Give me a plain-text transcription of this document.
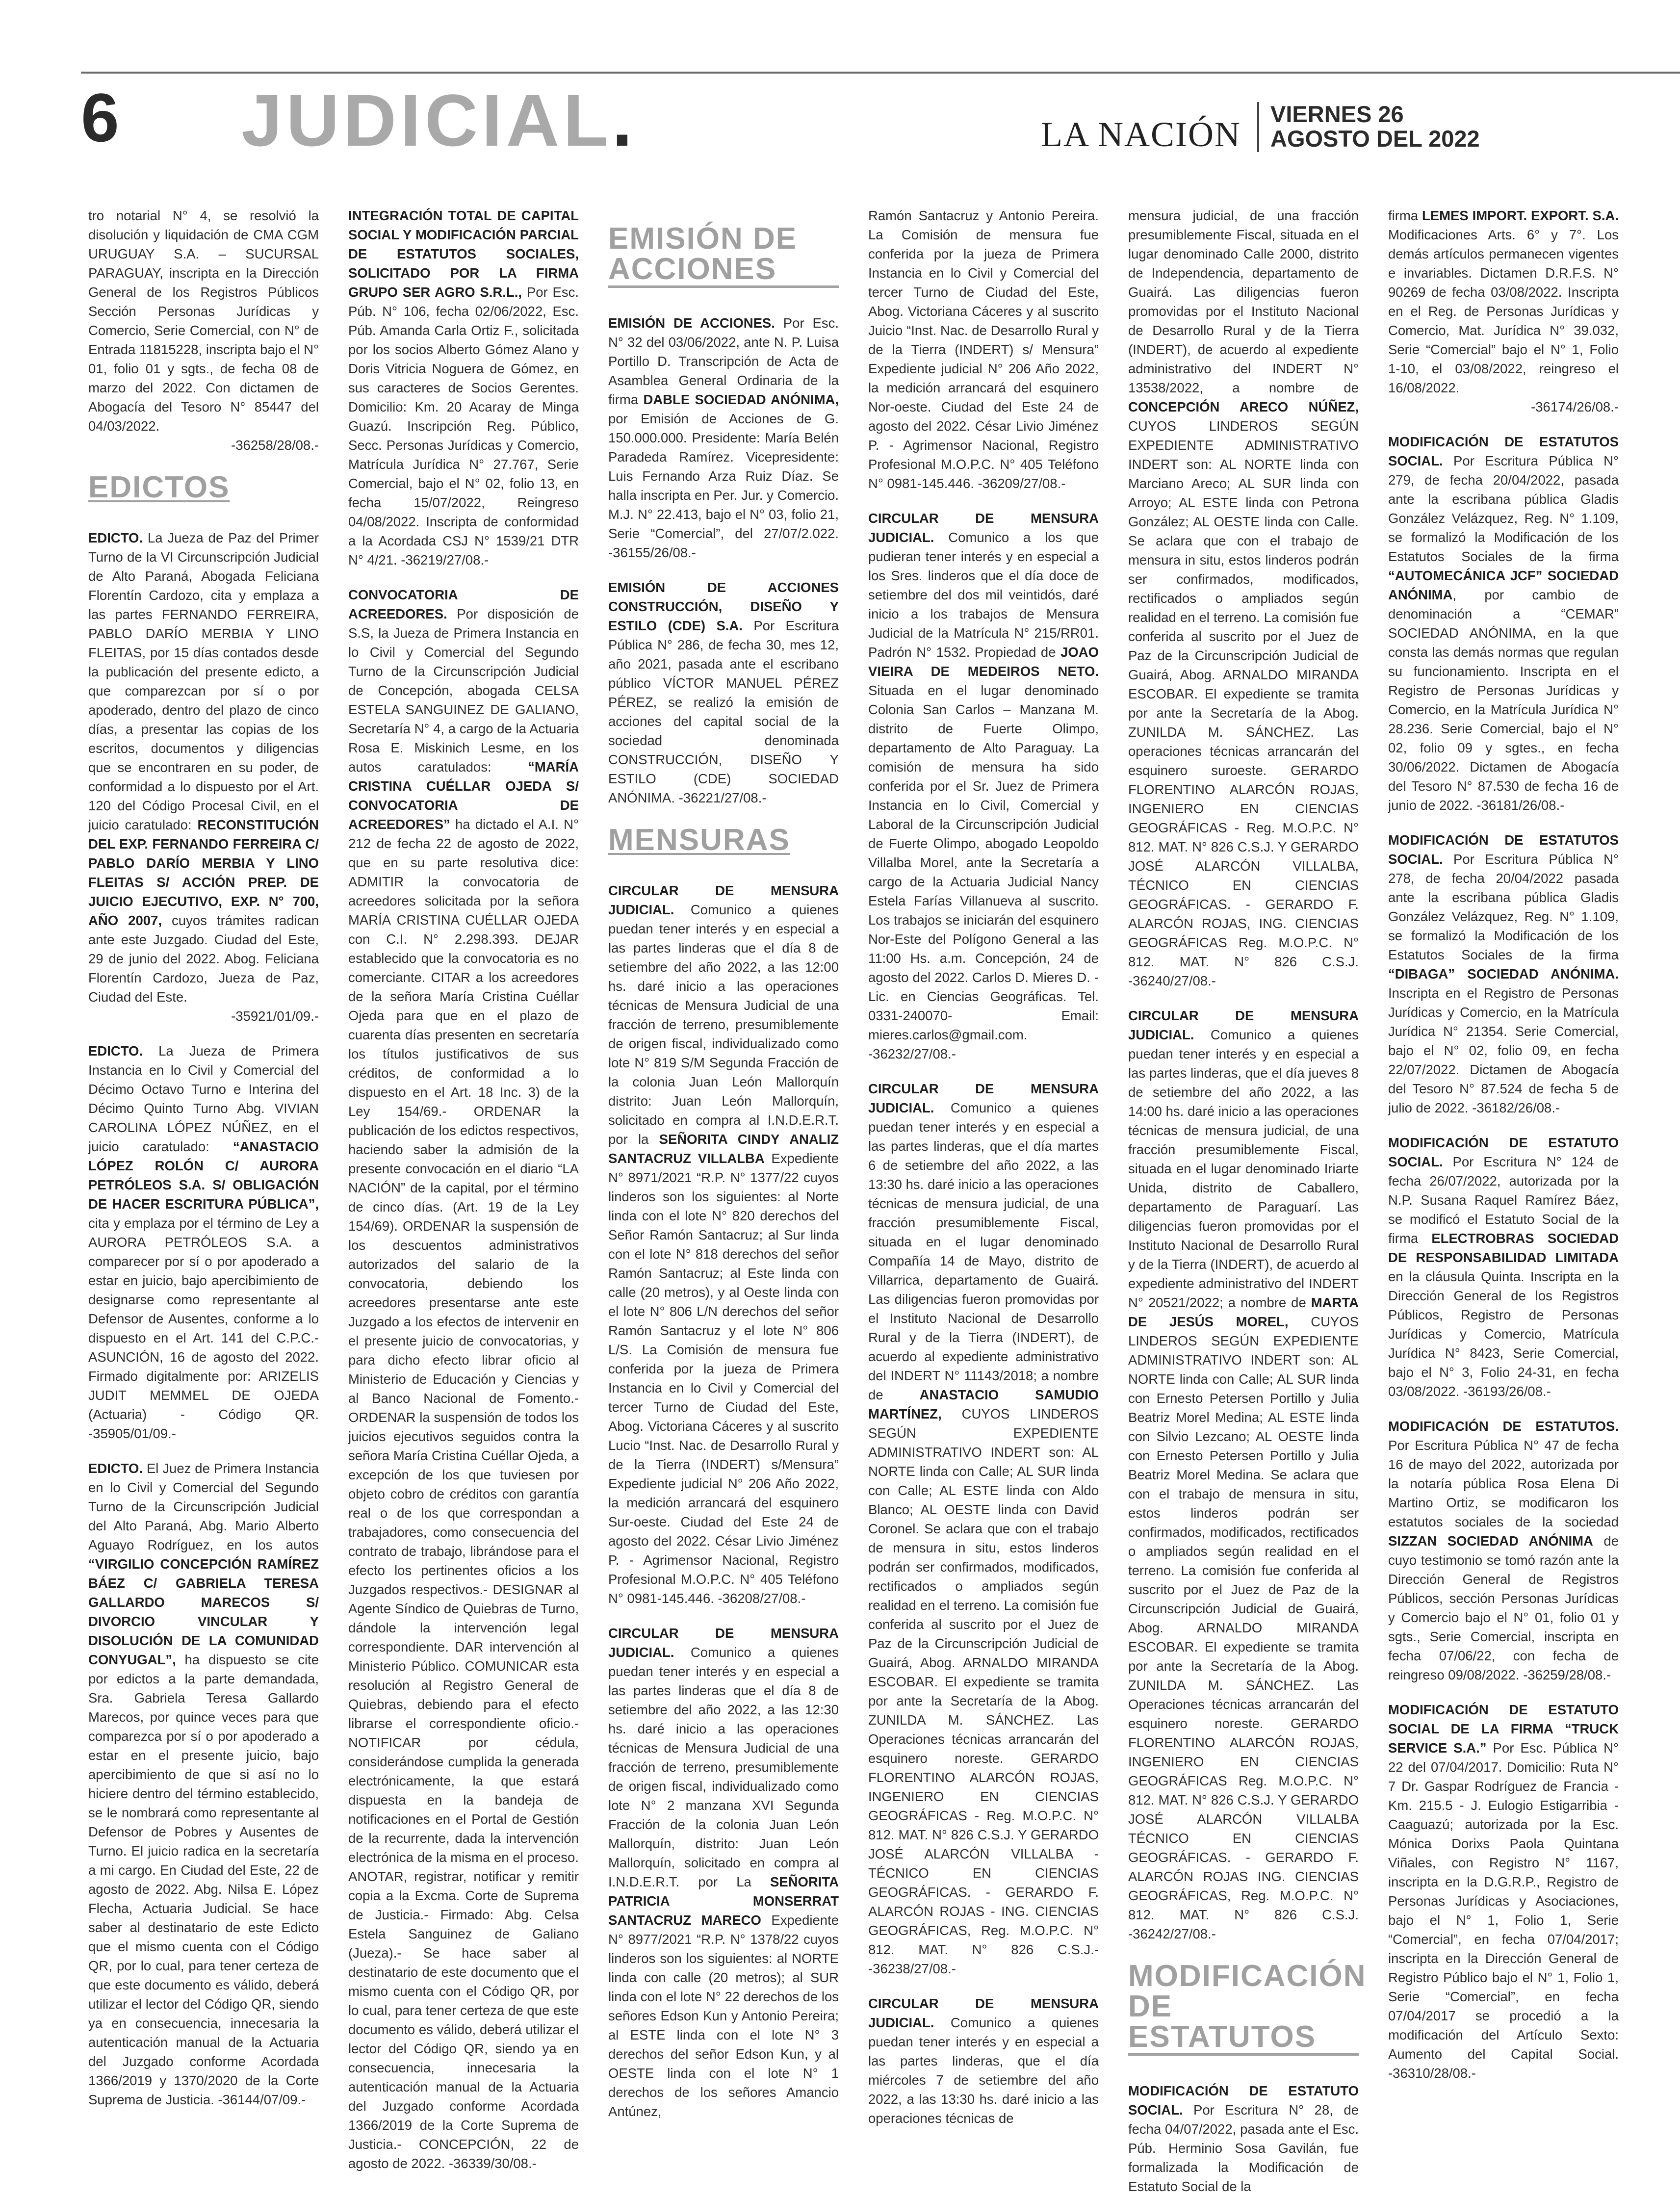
6 JUDICIAL.	LA NACIÓN
VIERNES 26
AGOSTO DEL 2022

tro notarial N° 4, se resolvió la disolución y liquidación de CMA CGM URUGUAY S.A. – SUCURSAL PARAGUAY, inscripta en la Dirección General de los Registros Públicos Sección Personas Jurídicas y Comercio, Serie Comercial, con N° de Entrada 11815228, inscripta bajo el N° 01, folio 01 y sgts., de fecha 08 de marzo del 2022. Con dictamen de Abogacía del Tesoro N° 85447 del 04/03/2022.
-36258/28/08.-

EDICTOS

EDICTO. La Jueza de Paz del Primer Turno de la VI Circunscripción Judicial de Alto Paraná, Abogada Feliciana Florentín Cardozo, cita y emplaza a las partes FERNANDO FERREIRA, PABLO DARÍO MERBIA Y LINO FLEITAS, por 15 días contados desde la publicación del presente edicto, a que comparezcan por sí o por apoderado, dentro del plazo de cinco días, a presentar las copias de los escritos, documentos y diligencias que se encontraren en su poder, de conformidad a lo dispuesto por el Art. 120 del Código Procesal Civil, en el juicio caratulado: RECONSTITUCIÓN DEL EXP. FERNANDO FERREIRA C/ PABLO DARÍO MERBIA Y LINO FLEITAS S/ ACCIÓN PREP. DE JUICIO EJECUTIVO, EXP. N° 700, AÑO 2007, cuyos trámites radican ante este Juzgado. Ciudad del Este, 29 de junio del 2022. Abog. Feliciana Florentín Cardozo, Jueza de Paz, Ciudad del Este.
-35921/01/09.-

EDICTO. La Jueza de Primera Instancia en lo Civil y Comercial del Décimo Octavo Turno e Interina del Décimo Quinto Turno Abg. VIVIAN CAROLINA LÓPEZ NÚÑEZ, en el juicio caratulado: “ANASTACIO LÓPEZ ROLÓN C/ AURORA PETRÓLEOS S.A. S/ OBLIGACIÓN DE HACER ESCRITURA PÚBLICA”, cita y emplaza por el término de Ley a AURORA PETRÓLEOS S.A. a comparecer por sí o por apoderado a estar en juicio, bajo apercibimiento de designarse como representante al Defensor de Ausentes, conforme a lo dispuesto en el Art. 141 del C.P.C.- ASUNCIÓN, 16 de agosto del 2022. Firmado digitalmente por: ARIZELIS JUDIT MEMMEL DE OJEDA (Actuaria) - Código QR. -35905/01/09.-

EDICTO. El Juez de Primera Instancia en lo Civil y Comercial del Segundo Turno de la Circunscripción Judicial del Alto Paraná, Abg. Mario Alberto Aguayo Rodríguez, en los autos “VIRGILIO CONCEPCIÓN RAMÍREZ BÁEZ C/ GABRIELA TERESA GALLARDO MARECOS S/ DIVORCIO VINCULAR Y DISOLUCIÓN DE LA COMUNIDAD CONYUGAL”, ha dispuesto se cite por edictos a la parte demandada, Sra. Gabriela Teresa Gallardo Marecos, por quince veces para que comparezca por sí o por apoderado a estar en el presente juicio, bajo apercibimiento de que si así no lo hiciere dentro del término establecido, se le nombrará como representante al Defensor de Pobres y Ausentes de Turno. El juicio radica en la secretaría a mi cargo. En Ciudad del Este, 22 de agosto de 2022. Abg. Nilsa E. López Flecha, Actuaria Judicial. Se hace saber al destinatario de este Edicto que el mismo cuenta con el Código QR, por lo cual, para tener certeza de que este documento es válido, deberá utilizar el lector del Código QR, siendo ya en consecuencia, innecesaria la autenticación manual de la Actuaria del Juzgado conforme Acordada 1366/2019 y 1370/2020 de la Corte Suprema de Justicia. -36144/07/09.-

INTEGRACIÓN TOTAL DE CAPITAL SOCIAL Y MODIFICACIÓN PARCIAL DE ESTATUTOS SOCIALES, SOLICITADO POR LA FIRMA GRUPO SER AGRO S.R.L., Por Esc. Púb. N° 106, fecha 02/06/2022, Esc. Púb. Amanda Carla Ortiz F., solicitada por los socios Alberto Gómez Alano y Doris Vitricia Noguera de Gómez, en sus caracteres de Socios Gerentes. Domicilio: Km. 20 Acaray de Minga Guazú. Inscripción Reg. Público, Secc. Personas Jurídicas y Comercio, Matrícula Jurídica N° 27.767, Serie Comercial, bajo el N° 02, folio 13, en fecha 15/07/2022, Reingreso 04/08/2022. Inscripta de conformidad a la Acordada CSJ N° 1539/21 DTR N° 4/21. -36219/27/08.-

CONVOCATORIA DE ACREEDORES. Por disposición de S.S, la Jueza de Primera Instancia en lo Civil y Comercial del Segundo Turno de la Circunscripción Judicial de Concepción, abogada CELSA ESTELA SANGUINEZ DE GALIANO, Secretaría N° 4, a cargo de la Actuaria Rosa E. Miskinich Lesme, en los autos caratulados: “MARÍA CRISTINA CUÉLLAR OJEDA S/ CONVOCATORIA DE ACREEDORES” ha dictado el A.I. N° 212 de fecha 22 de agosto de 2022, que en su parte resolutiva dice: ADMITIR la convocatoria de acreedores solicitada por la señora MARÍA CRISTINA CUÉLLAR OJEDA con C.I. N° 2.298.393. DEJAR establecido que la convocatoria es no comerciante. CITAR a los acreedores de la señora María Cristina Cuéllar Ojeda para que en el plazo de cuarenta días presenten en secretaría los títulos justificativos de sus créditos, de conformidad a lo dispuesto en el Art. 18 Inc. 3) de la Ley 154/69.- ORDENAR la publicación de los edictos respectivos, haciendo saber la admisión de la presente convocación en el diario “LA NACIÓN” de la capital, por el término de cinco días. (Art. 19 de la Ley 154/69). ORDENAR la suspensión de los descuentos administrativos autorizados del salario de la convocatoria, debiendo los acreedores presentarse ante este Juzgado a los efectos de intervenir en el presente juicio de convocatorias, y para dicho efecto librar oficio al Ministerio de Educación y Ciencias y al Banco Nacional de Fomento.- ORDENAR la suspensión de todos los juicios ejecutivos seguidos contra la señora María Cristina Cuéllar Ojeda, a excepción de los que tuviesen por objeto cobro de créditos con garantía real o de los que correspondan a trabajadores, como consecuencia del contrato de trabajo, librándose para el efecto los pertinentes oficios a los Juzgados respectivos.- DESIGNAR al Agente Síndico de Quiebras de Turno, dándole la intervención legal correspondiente. DAR intervención al Ministerio Público. COMUNICAR esta resolución al Registro General de Quiebras, debiendo para el efecto librarse el correspondiente oficio.- NOTIFICAR por cédula, considerándose cumplida la generada electrónicamente, la que estará dispuesta en la bandeja de notificaciones en el Portal de Gestión de la recurrente, dada la intervención electrónica de la misma en el proceso. ANOTAR, registrar, notificar y remitir copia a la Excma. Corte de Suprema de Justicia.- Firmado: Abg. Celsa Estela Sanguinez de Galiano (Jueza).- Se hace saber al destinatario de este documento que el mismo cuenta con el Código QR, por lo cual, para tener certeza de que este documento es válido, deberá utilizar el lector del Código QR, siendo ya en consecuencia, innecesaria la autenticación manual de la Actuaria del Juzgado conforme Acordada 1366/2019 de la Corte Suprema de Justicia.- CONCEPCIÓN, 22 de agosto de 2022. -36339/30/08.-

EMISIÓN DE
ACCIONES

EMISIÓN DE ACCIONES. Por Esc. N° 32 del 03/06/2022, ante N. P. Luisa Portillo D. Transcripción de Acta de Asamblea General Ordinaria de la firma DABLE SOCIEDAD ANÓNIMA, por Emisión de Acciones de G. 150.000.000. Presidente: María Belén Paradeda Ramírez. Vicepresidente: Luis Fernando Arza Ruiz Díaz. Se halla inscripta en Per. Jur. y Comercio. M.J. N° 22.413, bajo el N° 03, folio 21, Serie “Comercial”, del 27/07/2.022. -36155/26/08.-

EMISIÓN DE ACCIONES CONSTRUCCIÓN, DISEÑO Y ESTILO (CDE) S.A. Por Escritura Pública N° 286, de fecha 30, mes 12, año 2021, pasada ante el escribano público VÍCTOR MANUEL PÉREZ PÉREZ, se realizó la emisión de acciones del capital social de la sociedad denominada CONSTRUCCIÓN, DISEÑO Y ESTILO (CDE) SOCIEDAD ANÓNIMA. -36221/27/08.-

MENSURAS

CIRCULAR DE MENSURA JUDICIAL. Comunico a quienes puedan tener interés y en especial a las partes linderas que el día 8 de setiembre del año 2022, a las 12:00 hs. daré inicio a las operaciones técnicas de Mensura Judicial de una fracción de terreno, presumiblemente de origen fiscal, individualizado como lote N° 819 S/M Segunda Fracción de la colonia Juan León Mallorquín distrito: Juan León Mallorquín, solicitado en compra al I.N.D.E.R.T. por la SEÑORITA CINDY ANALIZ SANTACRUZ VILLALBA Expediente N° 8971/2021 “R.P. N° 1377/22 cuyos linderos son los siguientes: al Norte linda con el lote N° 820 derechos del Señor Ramón Santacruz; al Sur linda con el lote N° 818 derechos del señor Ramón Santacruz; al Este linda con calle (20 metros), y al Oeste linda con el lote N° 806 L/N derechos del señor Ramón Santacruz y el lote N° 806 L/S. La Comisión de mensura fue conferida por la jueza de Primera Instancia en lo Civil y Comercial del tercer Turno de Ciudad del Este, Abog. Victoriana Cáceres y al suscrito Lucio “Inst. Nac. de Desarrollo Rural y de la Tierra (INDERT) s/Mensura” Expediente judicial N° 206 Año 2022, la medición arrancará del esquinero Sur-oeste. Ciudad del Este 24 de agosto del 2022. César Livio Jiménez P. - Agrimensor Nacional, Registro Profesional M.O.P.C. N° 405 Teléfono N° 0981-145.446. -36208/27/08.-

CIRCULAR DE MENSURA JUDICIAL. Comunico a quienes puedan tener interés y en especial a las partes linderas que el día 8 de setiembre del año 2022, a las 12:30 hs. daré inicio a las operaciones técnicas de Mensura Judicial de una fracción de terreno, presumiblemente de origen fiscal, individualizado como lote N° 2 manzana XVI Segunda Fracción de la colonia Juan León Mallorquín, distrito: Juan León Mallorquín, solicitado en compra al I.N.D.E.R.T. por La SEÑORITA PATRICIA MONSERRAT SANTACRUZ MARECO Expediente N° 8977/2021 “R.P. N° 1378/22 cuyos linderos son los siguientes: al NORTE linda con calle (20 metros); al SUR linda con el lote N° 22 derechos de los señores Edson Kun y Antonio Pereira; al ESTE linda con el lote N° 3 derechos del señor Edson Kun, y al OESTE linda con el lote N° 1 derechos de los señores Amancio Antúnez,

Ramón Santacruz y Antonio Pereira. La Comisión de mensura fue conferida por la jueza de Primera Instancia en lo Civil y Comercial del tercer Turno de Ciudad del Este, Abog. Victoriana Cáceres y al suscrito Juicio “Inst. Nac. de Desarrollo Rural y de la Tierra (INDERT) s/ Mensura” Expediente judicial N° 206 Año 2022, la medición arrancará del esquinero Nor-oeste. Ciudad del Este 24 de agosto del 2022. César Livio Jiménez P. - Agrimensor Nacional, Registro Profesional M.O.P.C. N° 405 Teléfono N° 0981-145.446. -36209/27/08.-

CIRCULAR DE MENSURA JUDICIAL. Comunico a los que pudieran tener interés y en especial a los Sres. linderos que el día doce de setiembre del dos mil veintidós, daré inicio a los trabajos de Mensura Judicial de la Matrícula N° 215/RR01. Padrón N° 1532. Propiedad de JOAO VIEIRA DE MEDEIROS NETO. Situada en el lugar denominado Colonia San Carlos – Manzana M. distrito de Fuerte Olimpo, departamento de Alto Paraguay. La comisión de mensura ha sido conferida por el Sr. Juez de Primera Instancia en lo Civil, Comercial y Laboral de la Circunscripción Judicial de Fuerte Olimpo, abogado Leopoldo Villalba Morel, ante la Secretaría a cargo de la Actuaria Judicial Nancy Estela Farías Villanueva al suscrito. Los trabajos se iniciarán del esquinero Nor-Este del Polígono General a las 11:00 Hs. a.m. Concepción, 24 de agosto del 2022. Carlos D. Mieres D. - Lic. en Ciencias Geográficas. Tel. 0331-240070- Email: mieres.carlos@gmail.com. -36232/27/08.-

CIRCULAR DE MENSURA JUDICIAL. Comunico a quienes puedan tener interés y en especial a las partes linderas, que el día martes 6 de setiembre del año 2022, a las 13:30 hs. daré inicio a las operaciones técnicas de mensura judicial, de una fracción presumiblemente Fiscal, situada en el lugar denominado Compañía 14 de Mayo, distrito de Villarrica, departamento de Guairá. Las diligencias fueron promovidas por el Instituto Nacional de Desarrollo Rural y de la Tierra (INDERT), de acuerdo al expediente administrativo del INDERT N° 11143/2018; a nombre de ANASTACIO SAMUDIO MARTÍNEZ, CUYOS LINDEROS SEGÚN EXPEDIENTE ADMINISTRATIVO INDERT son: AL NORTE linda con Calle; AL SUR linda con Calle; AL ESTE linda con Aldo Blanco; AL OESTE linda con David Coronel. Se aclara que con el trabajo de mensura in situ, estos linderos podrán ser confirmados, modificados, rectificados o ampliados según realidad en el terreno. La comisión fue conferida al suscrito por el Juez de Paz de la Circunscripción Judicial de Guairá, Abog. ARNALDO MIRANDA ESCOBAR. El expediente se tramita por ante la Secretaría de la Abog. ZUNILDA M. SÁNCHEZ. Las Operaciones técnicas arrancarán del esquinero noreste. GERARDO FLORENTINO ALARCÓN ROJAS, INGENIERO EN CIENCIAS GEOGRÁFICAS - Reg. M.O.P.C. N° 812. MAT. N° 826 C.S.J. Y GERARDO JOSÉ ALARCÓN VILLALBA - TÉCNICO EN CIENCIAS GEOGRÁFICAS. - GERARDO F. ALARCÓN ROJAS - ING. CIENCIAS GEOGRÁFICAS, Reg. M.O.P.C. N° 812. MAT. N° 826 C.S.J.- -36238/27/08.-

CIRCULAR DE MENSURA JUDICIAL. Comunico a quienes puedan tener interés y en especial a las partes linderas, que el día miércoles 7 de setiembre del año 2022, a las 13:30 hs. daré inicio a las operaciones técnicas de

mensura judicial, de una fracción presumiblemente Fiscal, situada en el lugar denominado Calle 2000, distrito de Independencia, departamento de Guairá. Las diligencias fueron promovidas por el Instituto Nacional de Desarrollo Rural y de la Tierra (INDERT), de acuerdo al expediente administrativo del INDERT N° 13538/2022, a nombre de CONCEPCIÓN ARECO NÚÑEZ, CUYOS LINDEROS SEGÚN EXPEDIENTE ADMINISTRATIVO INDERT son: AL NORTE linda con Marciano Areco; AL SUR linda con Arroyo; AL ESTE linda con Petrona González; AL OESTE linda con Calle. Se aclara que con el trabajo de mensura in situ, estos linderos podrán ser confirmados, modificados, rectificados o ampliados según realidad en el terreno. La comisión fue conferida al suscrito por el Juez de Paz de la Circunscripción Judicial de Guairá, Abog. ARNALDO MIRANDA ESCOBAR. El expediente se tramita por ante la Secretaría de la Abog. ZUNILDA M. SÁNCHEZ. Las operaciones técnicas arrancarán del esquinero suroeste. GERARDO FLORENTINO ALARCÓN ROJAS, INGENIERO EN CIENCIAS GEOGRÁFICAS - Reg. M.O.P.C. N° 812. MAT. N° 826 C.S.J. Y GERARDO JOSÉ ALARCÓN VILLALBA, TÉCNICO EN CIENCIAS GEOGRÁFICAS. - GERARDO F. ALARCÓN ROJAS, ING. CIENCIAS GEOGRÁFICAS Reg. M.O.P.C. N° 812. MAT. N° 826 C.S.J. -36240/27/08.-

CIRCULAR DE MENSURA JUDICIAL. Comunico a quienes puedan tener interés y en especial a las partes linderas, que el día jueves 8 de setiembre del año 2022, a las 14:00 hs. daré inicio a las operaciones técnicas de mensura judicial, de una fracción presumiblemente Fiscal, situada en el lugar denominado Iriarte Unida, distrito de Caballero, departamento de Paraguarí. Las diligencias fueron promovidas por el Instituto Nacional de Desarrollo Rural y de la Tierra (INDERT), de acuerdo al expediente administrativo del INDERT N° 20521/2022; a nombre de MARTA DE JESÚS MOREL, CUYOS LINDEROS SEGÚN EXPEDIENTE ADMINISTRATIVO INDERT son: AL NORTE linda con Calle; AL SUR linda con Ernesto Petersen Portillo y Julia Beatriz Morel Medina; AL ESTE linda con Silvio Lezcano; AL OESTE linda con Ernesto Petersen Portillo y Julia Beatriz Morel Medina. Se aclara que con el trabajo de mensura in situ, estos linderos podrán ser confirmados, modificados, rectificados o ampliados según realidad en el terreno. La comisión fue conferida al suscrito por el Juez de Paz de la Circunscripción Judicial de Guairá, Abog. ARNALDO MIRANDA ESCOBAR. El expediente se tramita por ante la Secretaría de la Abog. ZUNILDA M. SÁNCHEZ. Las Operaciones técnicas arrancarán del esquinero noreste. GERARDO FLORENTINO ALARCÓN ROJAS, INGENIERO EN CIENCIAS GEOGRÁFICAS Reg. M.O.P.C. N° 812. MAT. N° 826 C.S.J. Y GERARDO JOSÉ ALARCÓN VILLALBA TÉCNICO EN CIENCIAS GEOGRÁFICAS. - GERARDO F. ALARCÓN ROJAS ING. CIENCIAS GEOGRÁFICAS, Reg. M.O.P.C. N° 812. MAT. N° 826 C.S.J. -36242/27/08.-

MODIFICACIÓN
DE ESTATUTOS

MODIFICACIÓN DE ESTATUTO SOCIAL. Por Escritura N° 28, de fecha 04/07/2022, pasada ante el Esc. Púb. Herminio Sosa Gavilán, fue formalizada la Modificación de Estatuto Social de la

firma LEMES IMPORT. EXPORT. S.A. Modificaciones Arts. 6° y 7°. Los demás artículos permanecen vigentes e invariables. Dictamen D.R.F.S. N° 90269 de fecha 03/08/2022. Inscripta en el Reg. de Personas Jurídicas y Comercio, Mat. Jurídica N° 39.032, Serie “Comercial” bajo el N° 1, Folio 1-10, el 03/08/2022, reingreso el 16/08/2022.
-36174/26/08.-

MODIFICACIÓN DE ESTATUTOS SOCIAL. Por Escritura Pública N° 279, de fecha 20/04/2022, pasada ante la escribana pública Gladis González Velázquez, Reg. N° 1.109, se formalizó la Modificación de los Estatutos Sociales de la firma “AUTOMECÁNICA JCF” SOCIEDAD ANÓNIMA, por cambio de denominación a “CEMAR” SOCIEDAD ANÓNIMA, en la que consta las demás normas que regulan su funcionamiento. Inscripta en el Registro de Personas Jurídicas y Comercio, en la Matrícula Jurídica N° 28.236. Serie Comercial, bajo el N° 02, folio 09 y sgtes., en fecha 30/06/2022. Dictamen de Abogacía del Tesoro N° 87.530 de fecha 16 de junio de 2022. -36181/26/08.-

MODIFICACIÓN DE ESTATUTOS SOCIAL. Por Escritura Pública N° 278, de fecha 20/04/2022 pasada ante la escribana pública Gladis González Velázquez, Reg. N° 1.109, se formalizó la Modificación de los Estatutos Sociales de la firma “DIBAGA” SOCIEDAD ANÓNIMA. Inscripta en el Registro de Personas Jurídicas y Comercio, en la Matrícula Jurídica N° 21354. Serie Comercial, bajo el N° 02, folio 09, en fecha 22/07/2022. Dictamen de Abogacía del Tesoro N° 87.524 de fecha 5 de julio de 2022. -36182/26/08.-

MODIFICACIÓN DE ESTATUTO SOCIAL. Por Escritura N° 124 de fecha 26/07/2022, autorizada por la N.P. Susana Raquel Ramírez Báez, se modificó el Estatuto Social de la firma ELECTROBRAS SOCIEDAD DE RESPONSABILIDAD LIMITADA en la cláusula Quinta. Inscripta en la Dirección General de los Registros Públicos, Registro de Personas Jurídicas y Comercio, Matrícula Jurídica N° 8423, Serie Comercial, bajo el N° 3, Folio 24-31, en fecha 03/08/2022. -36193/26/08.-

MODIFICACIÓN DE ESTATUTOS. Por Escritura Pública N° 47 de fecha 16 de mayo del 2022, autorizada por la notaría pública Rosa Elena Di Martino Ortiz, se modificaron los estatutos sociales de la sociedad SIZZAN SOCIEDAD ANÓNIMA de cuyo testimonio se tomó razón ante la Dirección General de Registros Públicos, sección Personas Jurídicas y Comercio bajo el N° 01, folio 01 y sgts., Serie Comercial, inscripta en fecha 07/06/22, con fecha de reingreso 09/08/2022. -36259/28/08.-

MODIFICACIÓN DE ESTATUTO SOCIAL DE LA FIRMA “TRUCK SERVICE S.A.” Por Esc. Pública N° 22 del 07/04/2017. Domicilio: Ruta N° 7 Dr. Gaspar Rodríguez de Francia - Km. 215.5 - J. Eulogio Estigarribia - Caaguazú; autorizada por la Esc. Mónica Dorixs Paola Quintana Viñales, con Registro N° 1167, inscripta en la D.G.R.P., Registro de Personas Jurídicas y Asociaciones, bajo el N° 1, Folio 1, Serie “Comercial”, en fecha 07/04/2017; inscripta en la Dirección General de Registro Público bajo el N° 1, Folio 1, Serie “Comercial”, en fecha 07/04/2017 se procedió a la modificación del Artículo Sexto: Aumento del Capital Social. -36310/28/08.-
